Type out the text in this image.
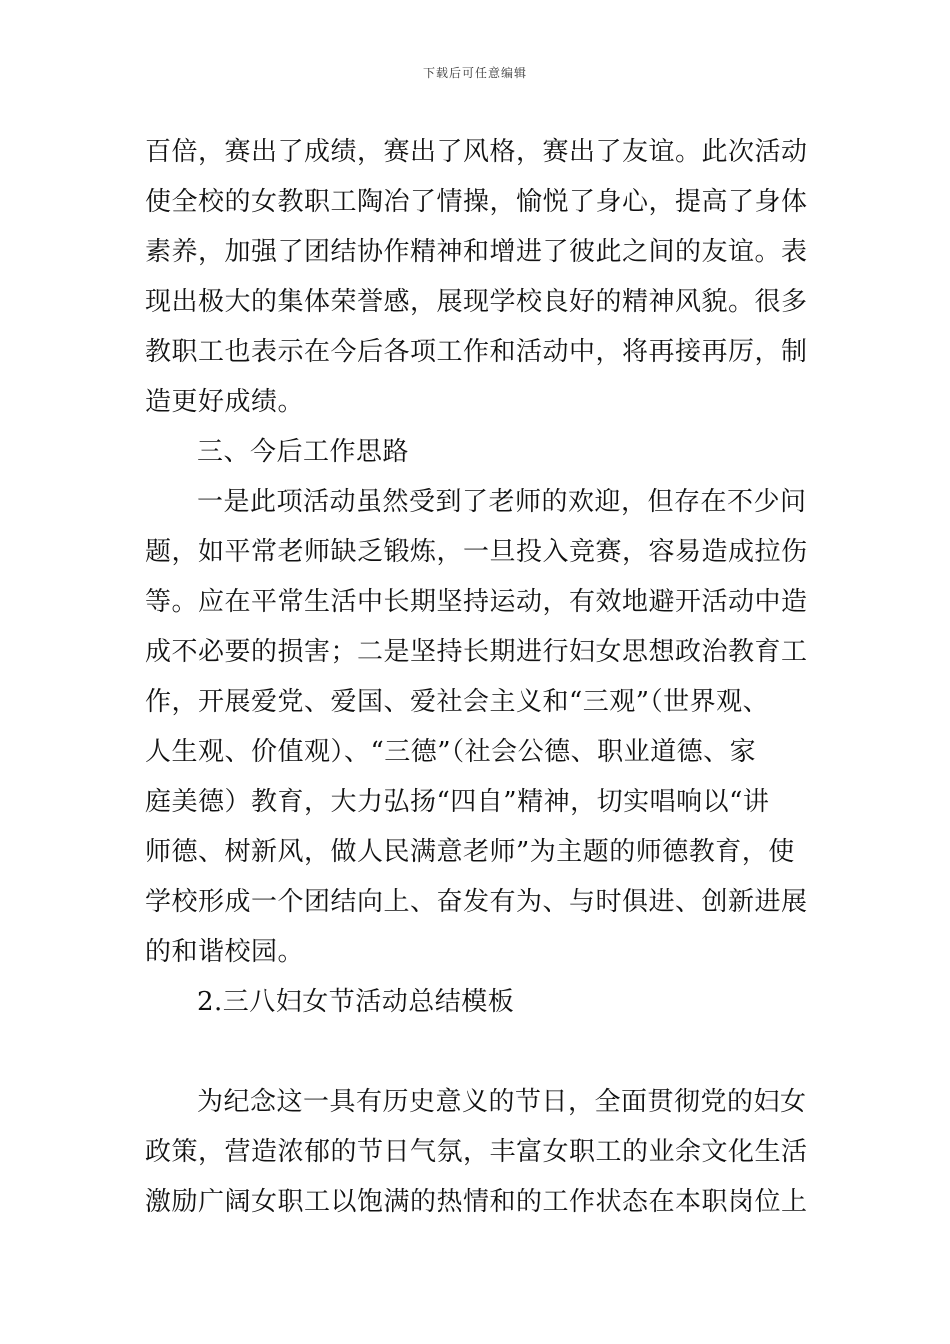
下载后可任意编辑
百倍，赛出了成绩，赛出了风格，赛出了友谊。此次活动
使全校的女教职工陶冶了情操，愉悦了身心，提高了身体
素养，加强了团结协作精神和增进了彼此之间的友谊。表
现出极大的集体荣誉感，展现学校良好的精神风貌。很多
教职工也表示在今后各项工作和活动中，将再接再厉，制
造更好成绩。
三、今后工作思路
一是此项活动虽然受到了老师的欢迎，但存在不少问
题，如平常老师缺乏锻炼，一旦投入竞赛，容易造成拉伤
等。应在平常生活中长期坚持运动，有效地避开活动中造
成不必要的损害；二是坚持长期进行妇女思想政治教育工
作，开展爱党、爱国、爱社会主义和“三观”（世界观、
人生观、价值观）、“三德”（社会公德、职业道德、家
庭美德）教育，大力弘扬“四自”精神，切实唱响以“讲
师德、树新风，做人民满意老师”为主题的师德教育，使
学校形成一个团结向上、奋发有为、与时俱进、创新进展
的和谐校园。
2.三八妇女节活动总结模板
为纪念这一具有历史意义的节日，全面贯彻党的妇女
政策，营造浓郁的节日气氛，丰富女职工的业余文化生活
激励广阔女职工以饱满的热情和的工作状态在本职岗位上
